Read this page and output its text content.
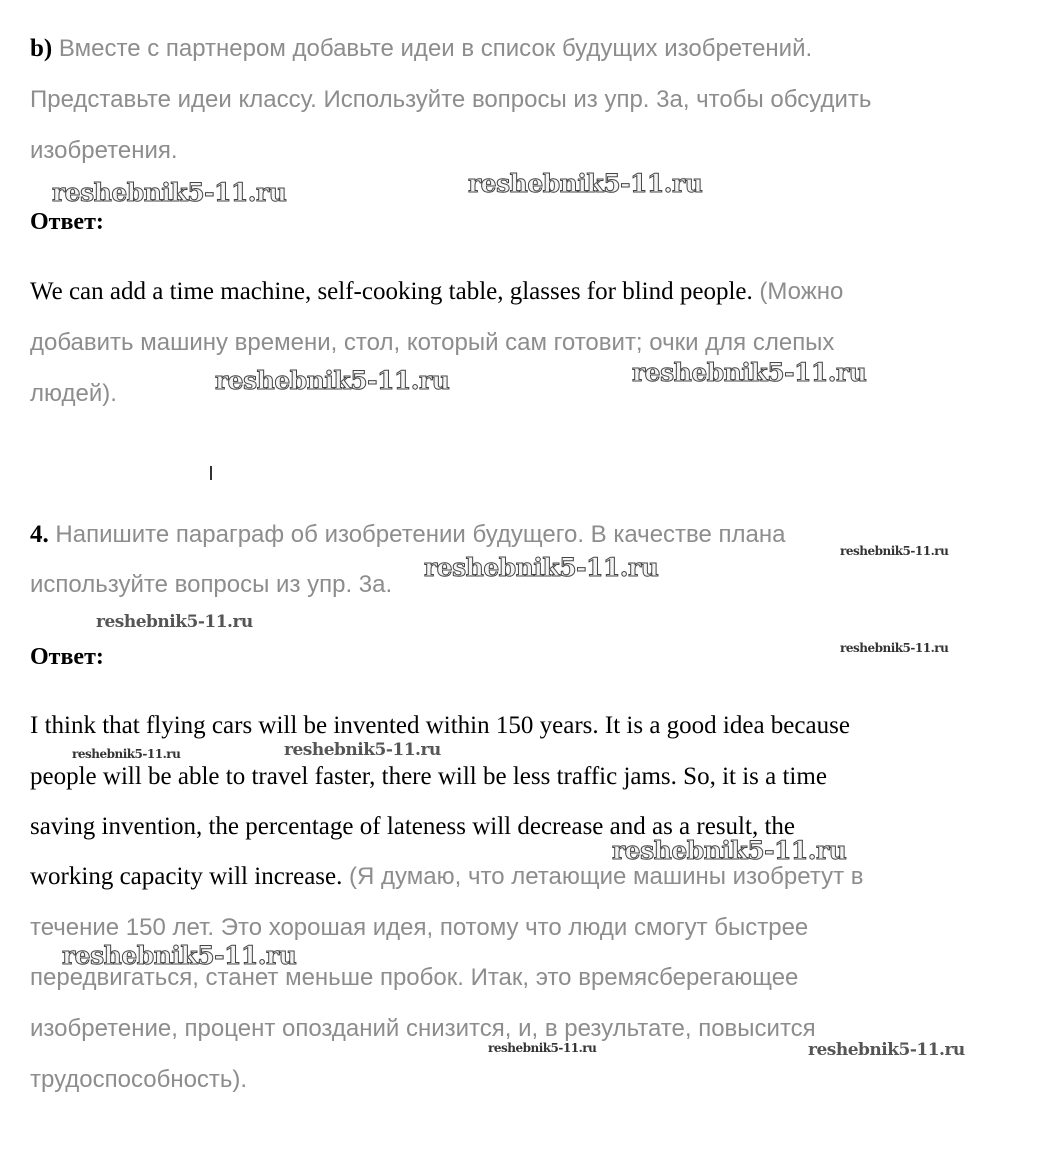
b) Вместе с партнером добавьте идеи в список будущих изобретений.
Представьте идеи классу. Используйте вопросы из упр. 3а, чтобы обсудить
изобретения.
reshebnik5-11.ru	reshebnik5-11.ru
Ответ:
We can add a time machine, self-cooking table, glasses for blind people. (Можно
добавить машину времени, стол, который сам готовит; очки для слепых
людей).	reshebnik5-11.ru	reshebnik5-11.ru
4. Напишите параграф об изобретении будущего. В качестве плана
reshebnik5-11.ru
используйте вопросы из упр. 3а.
reshebnik5-11.ru
reshebnik5-11.ru
Ответ:	reshebnik5-11.ru
I think that flying cars will be invented within 150 years. It is a good idea because
reshebnik5-11.ru	reshebnik5-11.ru
people will be able to travel faster, there will be less traffic jams. So, it is a time
saving invention, the percentage of lateness will decrease and as a result, the
reshebnik5-11.ru
working capacity will increase. (Я думаю, что летающие машины изобретут в
течение 150 лет. Это хорошая идея, потому что люди смогут быстрее
reshebnik5-11.ru
передвигаться, станет меньше пробок. Итак, это времясберегающее
изобретение, процент опозданий снизится, и, в результате, повысится
reshebnik5-11.ru	reshebnik5-11.ru
трудоспособность).
